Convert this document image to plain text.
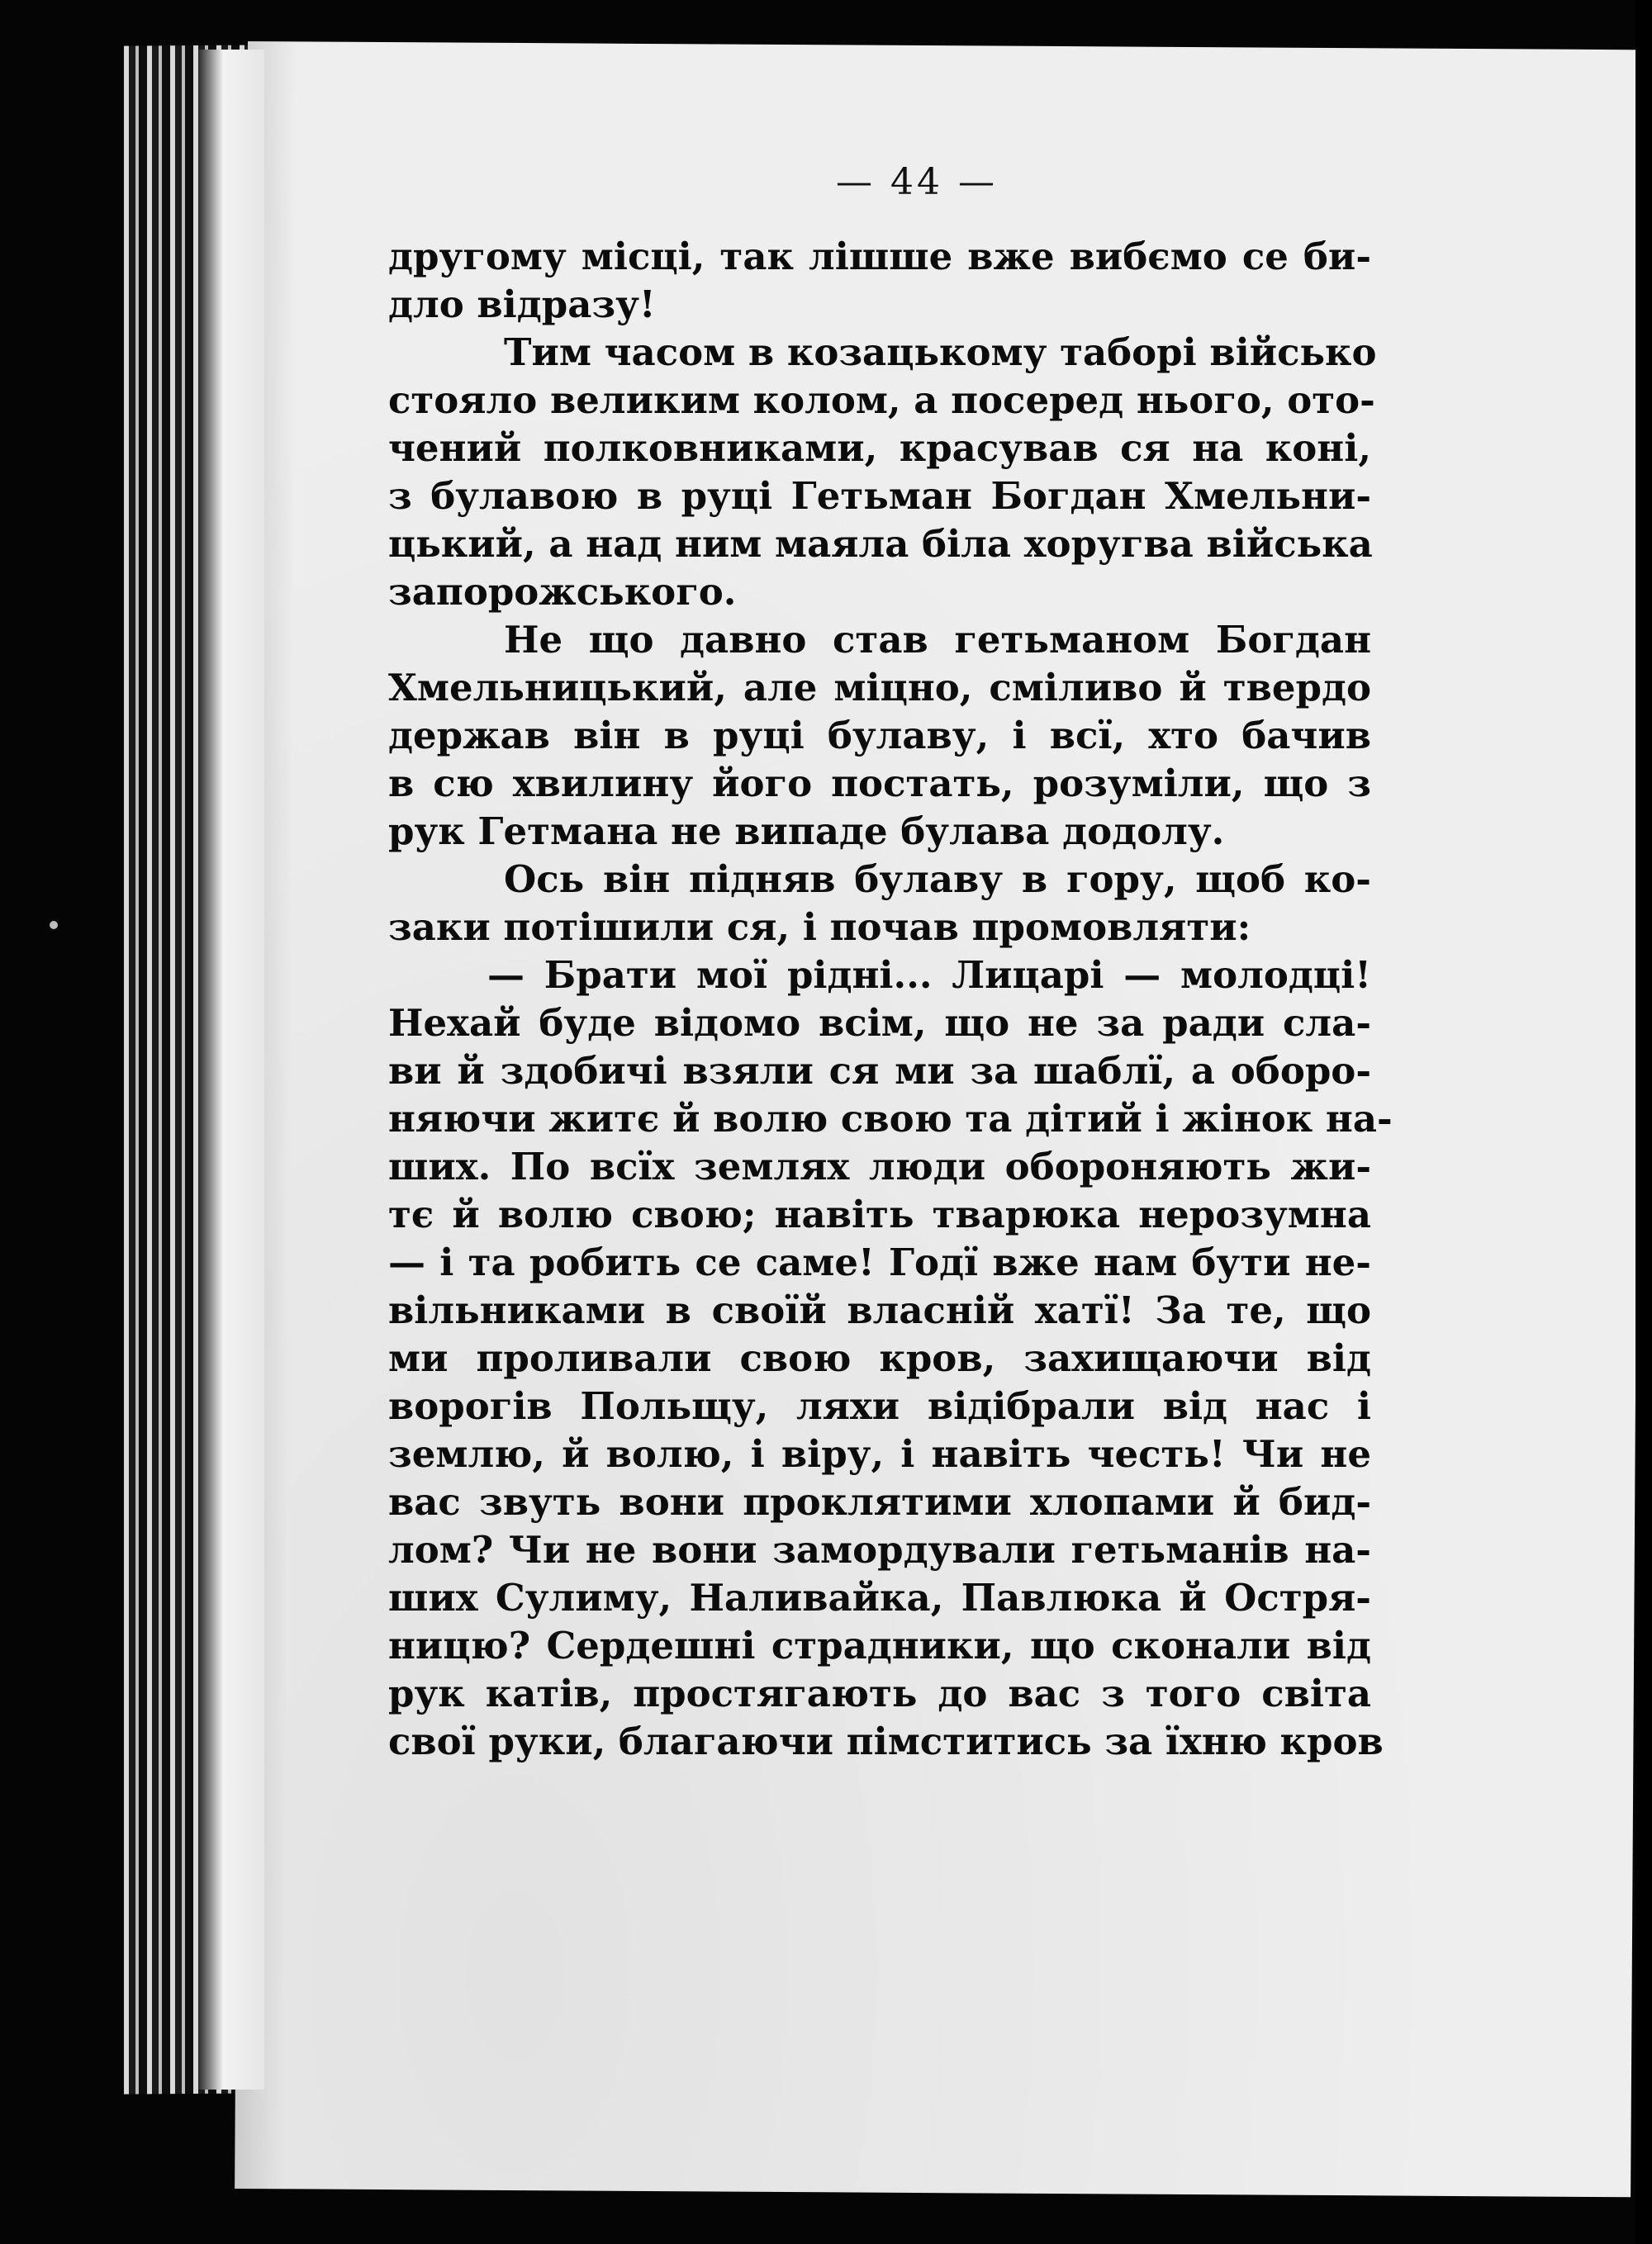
— 44 —
другому місці, так лішше вже вибємо се би-
дло відразу!
Тим часом в козацькому таборі військо
стояло великим колом, а посеред нього, ото-
чений полковниками, красував ся на коні,
з булавою в руці Гетьман Богдан Хмельни-
цький, а над ним маяла біла хоругва війська
запорожського.
Не що давно став гетьманом Богдан
Хмельницький, але міцно, сміливо й твердо
держав він в руці булаву, і всї, хто бачив
в сю хвилину його постать, розуміли, що з
рук Гетмана не випаде булава додолу.
Ось він підняв булаву в гору, щоб ко-
заки потішили ся, і почав промовляти:
— Брати мої рідні... Лицарі — молодці!
Нехай буде відомо всім, що не за ради сла-
ви й здобичі взяли ся ми за шаблї, а оборо-
няючи житє й волю свою та дітий і жінок на-
ших. По всїх землях люди обороняють жи-
тє й волю свою; навіть тварюка нерозумна
— і та робить се саме! Годї вже нам бути не-
вільниками в своїй власній хатї! За те, що
ми проливали свою кров, захищаючи від
ворогів Польщу, ляхи відібрали від нас і
землю, й волю, і віру, і навіть честь! Чи не
вас звуть вони проклятими хлопами й бид-
лом? Чи не вони замордували гетьманів на-
ших Сулиму, Наливайка, Павлюка й Остря-
ницю? Сердешні страдники, що сконали від
рук катів, простягають до вас з того світа
свої руки, благаючи пімститись за їхню кров
